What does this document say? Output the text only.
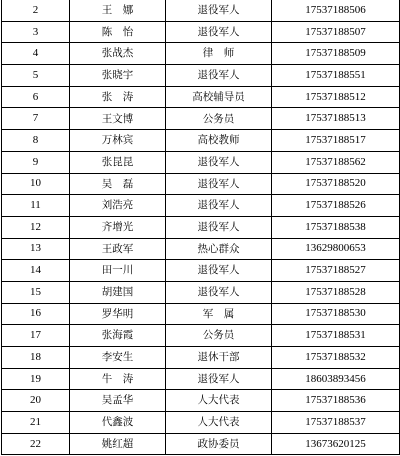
2	王　娜	退役军人	17537188506
3	陈　怡	退役军人	17537188507
4	张战杰	律　师	17537188509
5	张晓宇	退役军人	17537188551
6	张　涛	高校辅导员	17537188512
7	王文博	公务员	17537188513
8	万林宾	高校教师	17537188517
9	张昆昆	退役军人	17537188562
10	吴　磊	退役军人	17537188520
11	刘浩亮	退役军人	17537188526
12	齐增光	退役军人	17537188538
13	王政军	热心群众	13629800653
14	田一川	退役军人	17537188527
15	胡建国	退役军人	17537188528
16	罗华明	军　属	17537188530
17	张海霞	公务员	17537188531
18	李安生	退休干部	17537188532
19	牛　涛	退役军人	18603893456
20	吴孟华	人大代表	17537188536
21	代鑫波	人大代表	17537188537
22	姚红超	政协委员	13673620125
